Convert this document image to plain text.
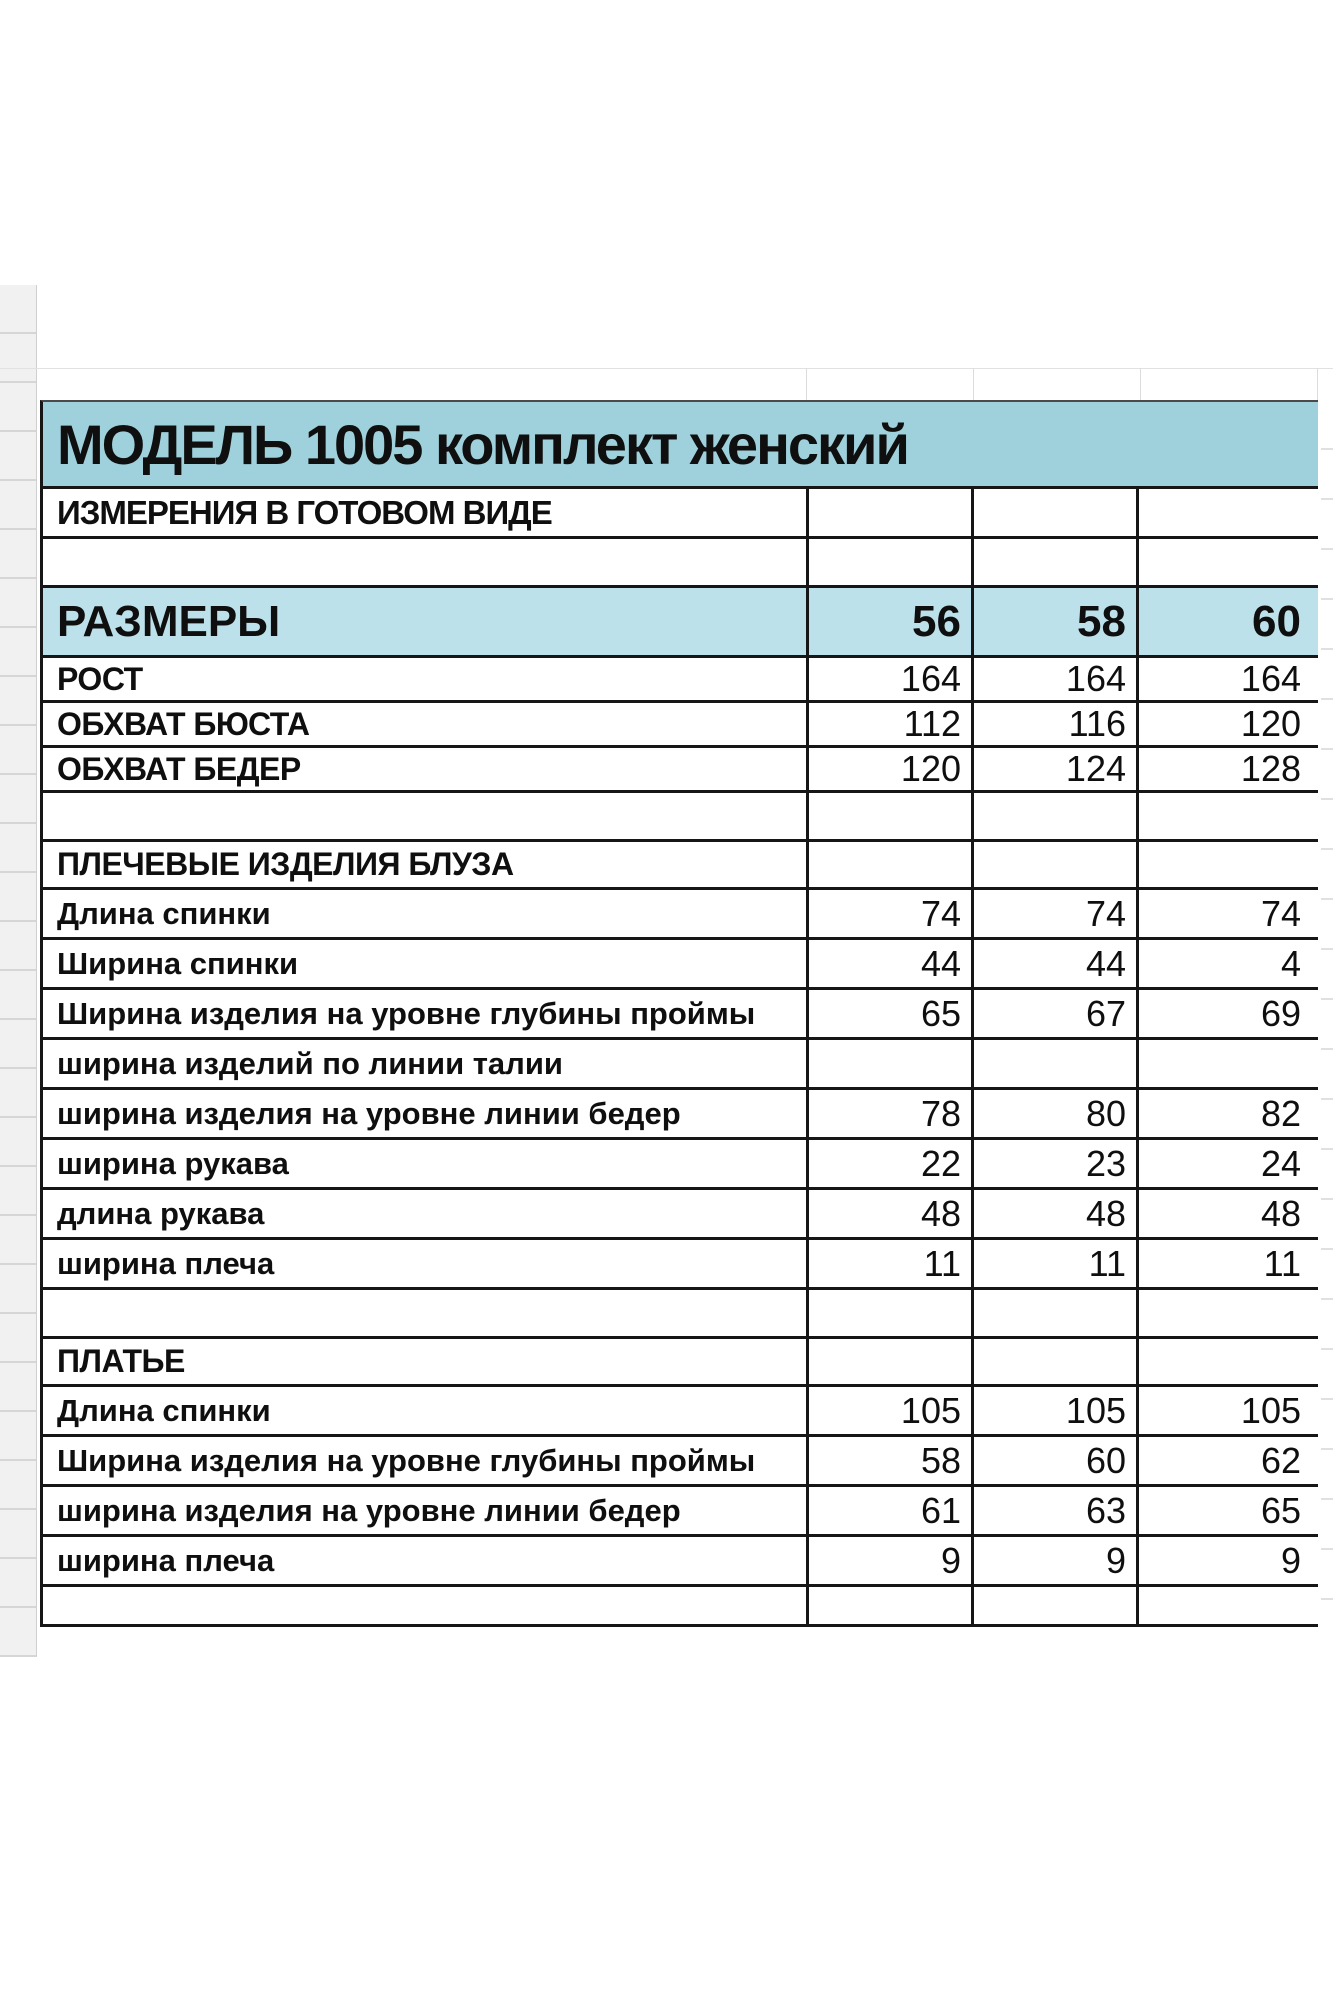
МОДЕЛЬ 1005 комплект женский
ИЗМЕРЕНИЯ В ГОТОВОМ ВИДЕ
РАЗМЕРЫ	56	58	60
РОСТ	164	164	164
ОБХВАТ БЮСТА	112	116	120
ОБХВАТ БЕДЕР	120	124	128
ПЛЕЧЕВЫЕ ИЗДЕЛИЯ БЛУЗА
Длина спинки	74	74	74
Ширина спинки	44	44	4
Ширина изделия на уровне глубины проймы	65	67	69
ширина изделий по линии талии
ширина изделия на уровне линии бедер	78	80	82
ширина рукава	22	23	24
длина рукава	48	48	48
ширина плеча	11	11	11
ПЛАТЬЕ
Длина спинки	105	105	105
Ширина изделия на уровне глубины проймы	58	60	62
ширина изделия на уровне линии бедер	61	63	65
ширина плеча	9	9	9
